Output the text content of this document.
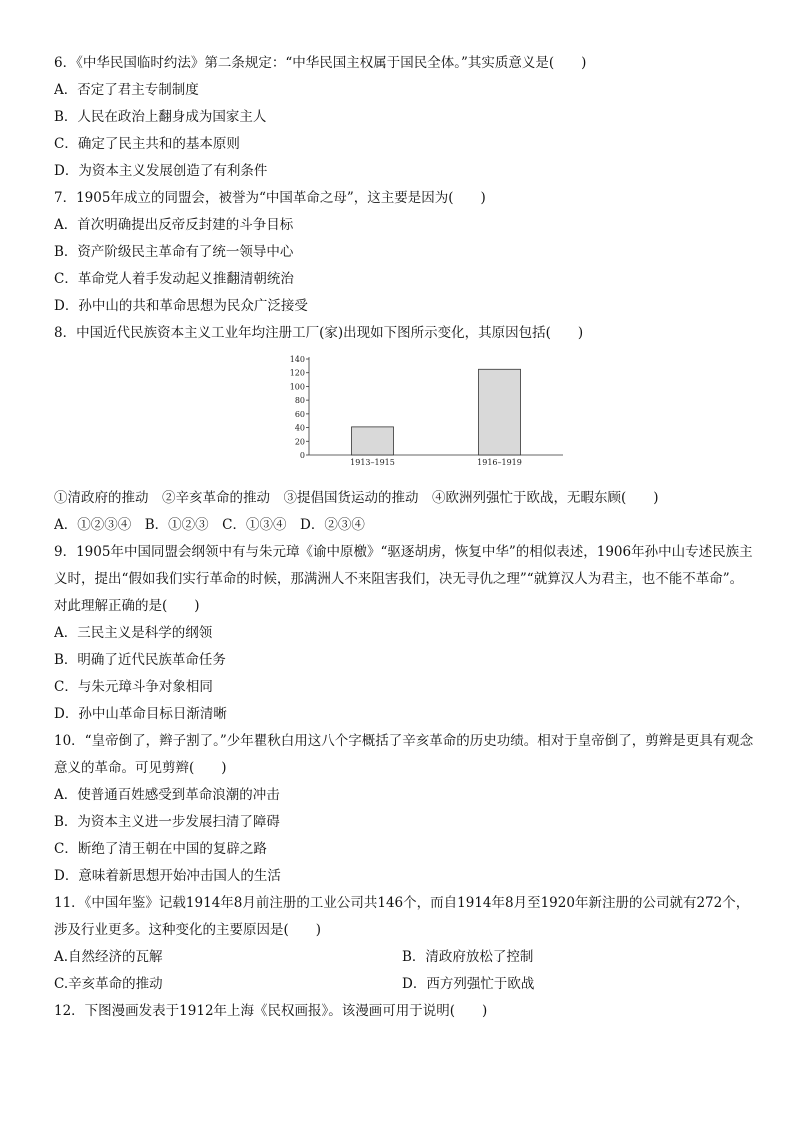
6．《中华民国临时约法》第二条规定：“中华民国主权属于国民全体。”其实质意义是(　　)
A．否定了君主专制制度
B．人民在政治上翻身成为国家主人
C．确定了民主共和的基本原则
D．为资本主义发展创造了有利条件
7．1905年成立的同盟会，被誉为“中国革命之母”，这主要是因为(　　)
A．首次明确提出反帝反封建的斗争目标
B．资产阶级民主革命有了统一领导中心
C．革命党人着手发动起义推翻清朝统治
D．孙中山的共和革命思想为民众广泛接受
8．中国近代民族资本主义工业年均注册工厂(家)出现如下图所示变化，其原因包括(　　)
0
20
40
60
80
100
120
140
1913–1915	1916–1919
①清政府的推动　②辛亥革命的推动　③提倡国货运动的推动　④欧洲列强忙于欧战，无暇东顾(　　)
A．①②③④　B．①②③　C．①③④　D．②③④
9．1905年中国同盟会纲领中有与朱元璋《谕中原檄》“驱逐胡虏，恢复中华”的相似表述，1906年孙中山专述民族主义时，提出“假如我们实行革命的时候，那满洲人不来阻害我们，决无寻仇之理”“就算汉人为君主，也不能不革命”。对此理解正确的是(　　)
A．三民主义是科学的纲领
B．明确了近代民族革命任务
C．与朱元璋斗争对象相同
D．孙中山革命目标日渐清晰
10．“皇帝倒了，辫子割了。”少年瞿秋白用这八个字概括了辛亥革命的历史功绩。相对于皇帝倒了，剪辫是更具有观念意义的革命。可见剪辫(　　)
A．使普通百姓感受到革命浪潮的冲击
B．为资本主义进一步发展扫清了障碍
C．断绝了清王朝在中国的复辟之路
D．意味着新思想开始冲击国人的生活
11．《中国年鉴》记载1914年8月前注册的工业公司共146个，而自1914年8月至1920年新注册的公司就有272个，涉及行业更多。这种变化的主要原因是(　　)
A.自然经济的瓦解	B．清政府放松了控制
C.辛亥革命的推动	D．西方列强忙于欧战
12．下图漫画发表于1912年上海《民权画报》。该漫画可用于说明(　　)
